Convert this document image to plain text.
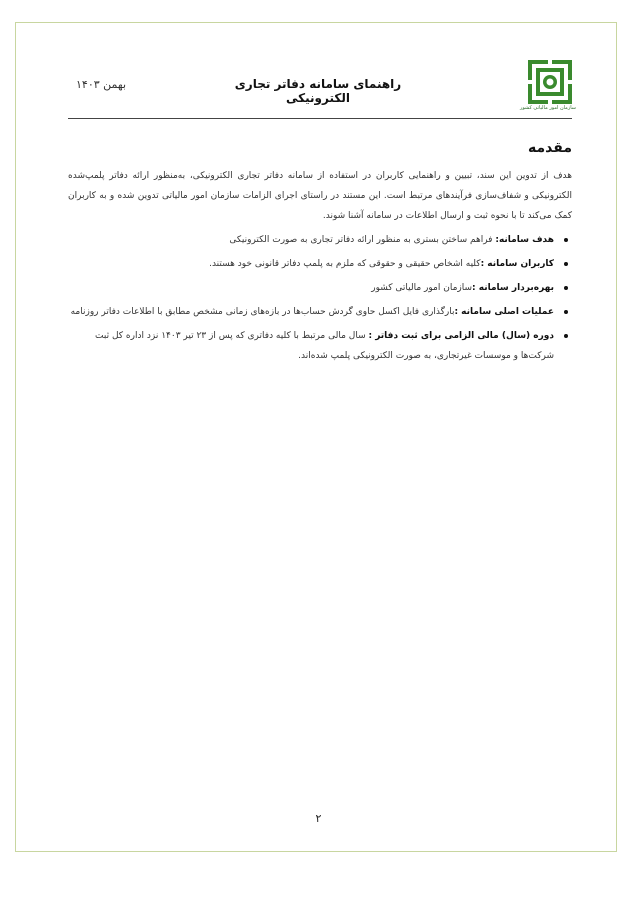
سازمان امور مالیاتی کشور
راهنمای سامانه دفاتر تجاری الکترونیکی
بهمن ۱۴۰۳
مقدمه

هدف از تدوین این سند، تبیین و راهنمایی کاربران در استفاده از سامانه دفاتر تجاری الکترونیکی، به‌منظور ارائه دفاتر پلمپ‌شده الکترونیکی و شفاف‌سازی فرآیندهای مرتبط است. این مستند در راستای اجرای الزامات سازمان امور مالیاتی تدوین شده و به کاربران کمک می‌کند تا با نحوه ثبت و ارسال اطلاعات در سامانه آشنا شوند.

هدف سامانه: فراهم ساختن بستری به منظور ارائه دفاتر تجاری به صورت الکترونیکی
کاربران سامانه :کلیه اشخاص حقیقی و حقوقی که ملزم به پلمپ دفاتر قانونی خود هستند.
بهره‌بردار سامانه :سازمان امور مالیاتی کشور
عملیات اصلی سامانه :بارگذاری فایل اکسل حاوی گردش حساب‌ها در بازه‌های زمانی مشخص مطابق با اطلاعات دفاتر روزنامه
دوره (سال) مالی الزامی برای ثبت دفاتر : سال مالی مرتبط با کلیه دفاتری که پس از ۲۳ تیر ۱۴۰۳ نزد اداره کل ثبت شرکت‌ها و موسسات غیرتجاری، به صورت الکترونیکی پلمپ شده‌اند.
۲
